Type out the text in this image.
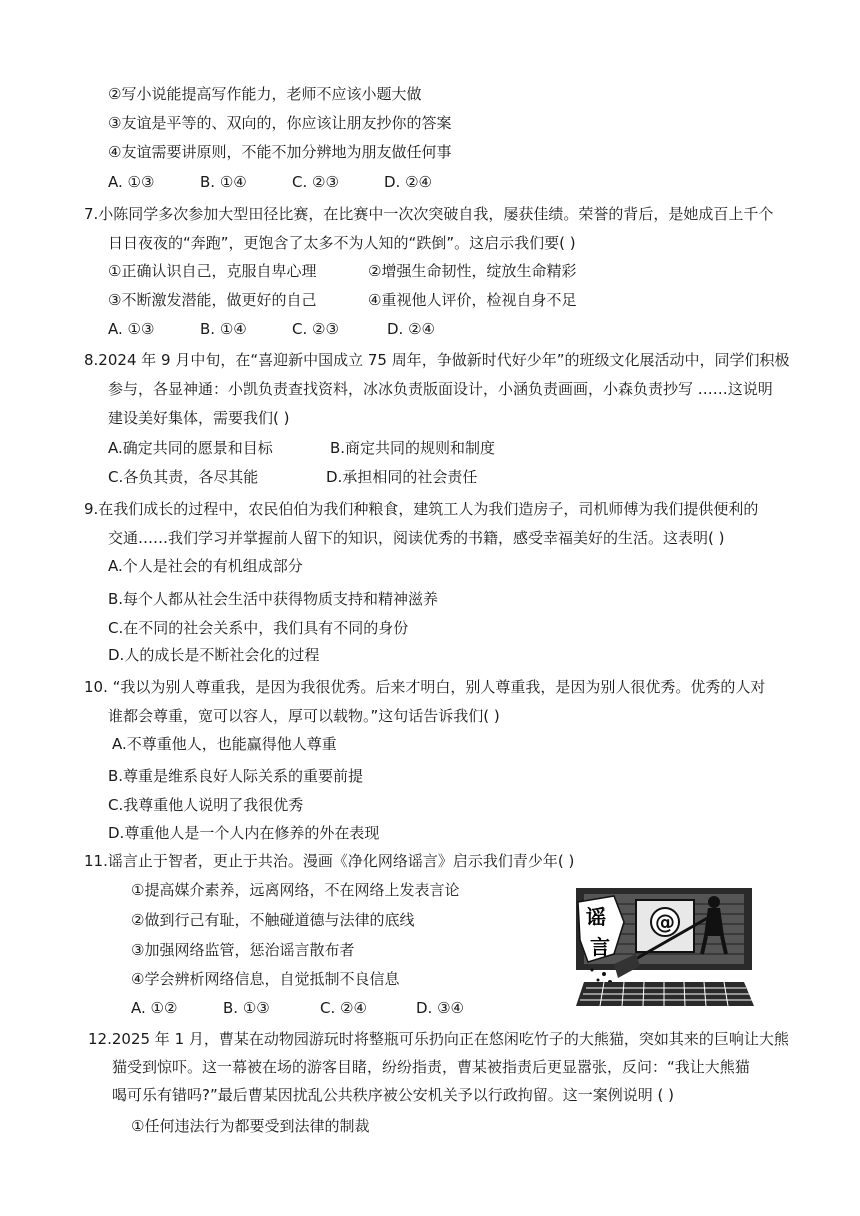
②写小说能提高写作能力，老师不应该小题大做
③友谊是平等的、双向的，你应该让朋友抄你的答案
④友谊需要讲原则，不能不加分辨地为朋友做任何事
A. ①③	B. ①④	C. ②③	D. ②④
7.小陈同学多次参加大型田径比赛，在比赛中一次次突破自我，屡获佳绩。荣誉的背后，是她成百上千个
日日夜夜的“奔跑”，更饱含了太多不为人知的“跌倒”。这启示我们要( )
①正确认识自己，克服自卑心理	②增强生命韧性，绽放生命精彩
③不断激发潜能，做更好的自己	④重视他人评价，检视自身不足
A. ①③	B. ①④	C. ②③	D. ②④
8.2024 年 9 月中旬，在“喜迎新中国成立 75 周年，争做新时代好少年”的班级文化展活动中，同学们积极
参与，各显神通：小凯负责查找资料，冰冰负责版面设计，小涵负责画画，小森负责抄写 ……这说明
建设美好集体，需要我们( )
A.确定共同的愿景和目标	B.商定共同的规则和制度
C.各负其责，各尽其能	D.承担相同的社会责任
9.在我们成长的过程中，农民伯伯为我们种粮食，建筑工人为我们造房子，司机师傅为我们提供便利的
交通……我们学习并掌握前人留下的知识，阅读优秀的书籍，感受幸福美好的生活。这表明( )
A.个人是社会的有机组成部分
B.每个人都从社会生活中获得物质支持和精神滋养
C.在不同的社会关系中，我们具有不同的身份
D.人的成长是不断社会化的过程
10. “我以为别人尊重我，是因为我很优秀。后来才明白，别人尊重我，是因为别人很优秀。优秀的人对
谁都会尊重，宽可以容人，厚可以载物。”这句话告诉我们( )
A.不尊重他人，也能赢得他人尊重
B.尊重是维系良好人际关系的重要前提
C.我尊重他人说明了我很优秀
D.尊重他人是一个人内在修养的外在表现
11.谣言止于智者，更止于共治。漫画《净化网络谣言》启示我们青少年( )
①提高媒介素养，远离网络，不在网络上发表言论
②做到行己有耻，不触碰道德与法律的底线
③加强网络监管，惩治谣言散布者
④学会辨析网络信息，自觉抵制不良信息
A. ①②	B. ①③	C. ②④	D. ③④
@
谣
言
12.2025 年 1 月，曹某在动物园游玩时将整瓶可乐扔向正在悠闲吃竹子的大熊猫，突如其来的巨响让大熊
猫受到惊吓。这一幕被在场的游客目睹，纷纷指责，曹某被指责后更显嚣张，反问：“我让大熊猫
喝可乐有错吗?”最后曹某因扰乱公共秩序被公安机关予以行政拘留。这一案例说明 ( )
①任何违法行为都要受到法律的制裁
